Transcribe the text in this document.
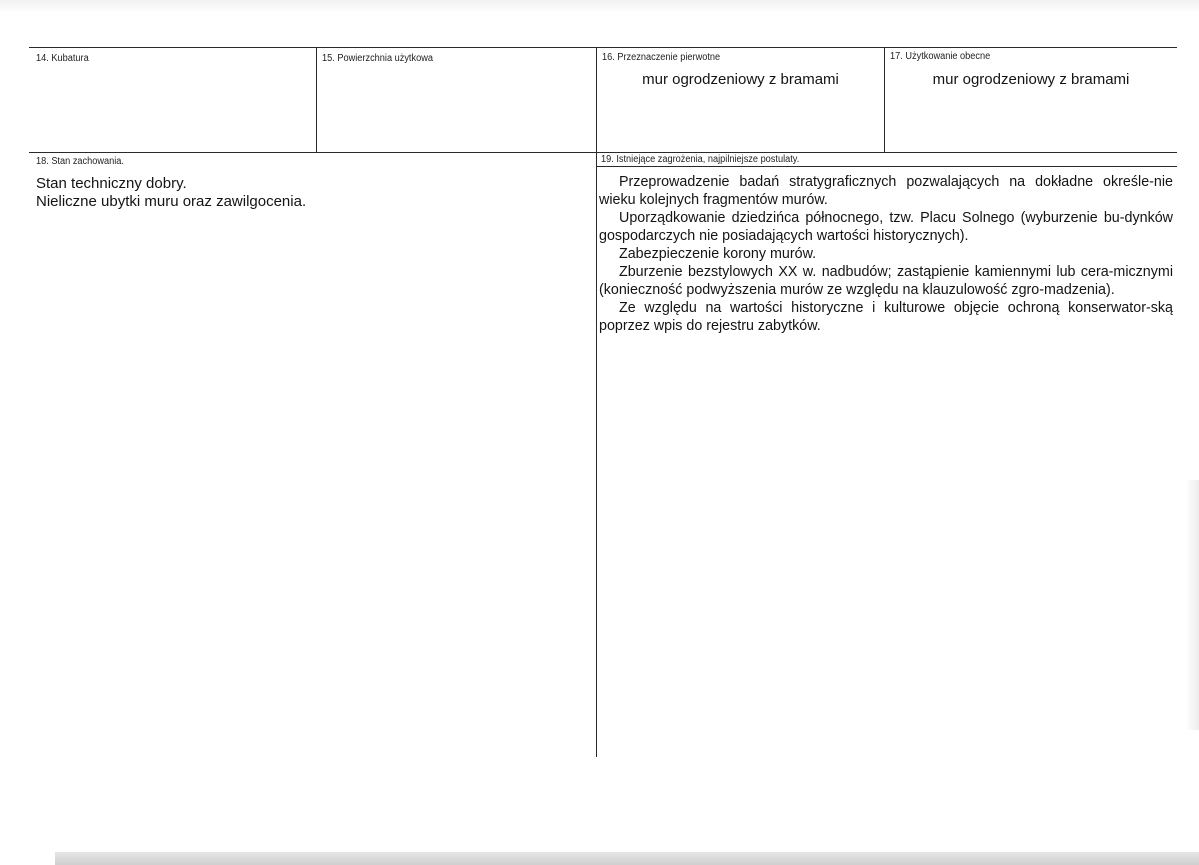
14. Kubatura	15. Powierzchnia użytkowa	16. Przeznaczenie pierwotne
mur ogrodzeniowy z bramami
17. Użytkowanie obecne
mur ogrodzeniowy z bramami
18. Stan zachowania.
Stan techniczny dobry.
Nieliczne ubytki muru oraz zawilgocenia.
19. Istniejące zagrożenia, najpilniejsze postulaty.

Przeprowadzenie badań stratygraficznych pozwalających na dokładne określe-nie wieku kolejnych fragmentów murów.

Uporządkowanie dziedzińca północnego, tzw. Placu Solnego (wyburzenie bu-dynków gospodarczych nie posiadających wartości historycznych).

Zabezpieczenie korony murów.

Zburzenie bezstylowych XX w. nadbudów; zastąpienie kamiennymi lub cera-micznymi (konieczność podwyższenia murów ze względu na klauzulowość zgro-madzenia).

Ze względu na wartości historyczne i kulturowe objęcie ochroną konserwator-ską poprzez wpis do rejestru zabytków.
